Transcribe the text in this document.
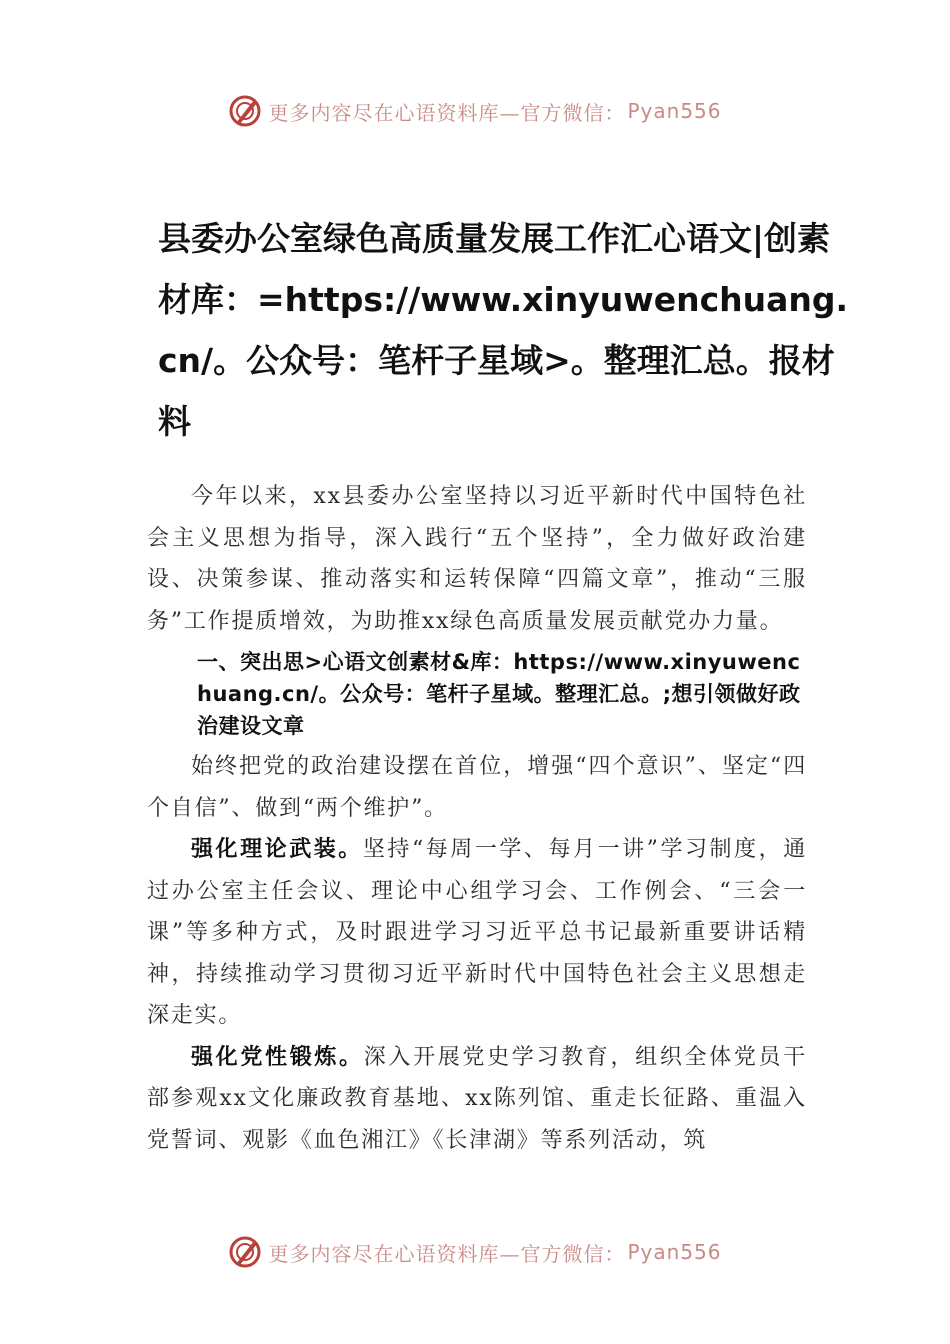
更多内容尽在心语资料库—官方微信： Pyan556
县委办公室绿色高质量发展工作汇心语文|创素材库：=https://www.xinyuwenchuang.cn/。公众号：笔杆子星域>。整理汇总。报材料

今年以来，xx县委办公室坚持以习近平新时代中国特色社会主义思想为指导，深入践行“五个坚持”，全力做好政治建设、决策参谋、推动落实和运转保障“四篇文章”，推动“三服务”工作提质增效，为助推xx绿色高质量发展贡献党办力量。

一、突出思>心语文创素材&库：https://www.xinyuwenchuang.cn/。公众号：笔杆子星域。整理汇总。;想引领做好政治建设文章

始终把党的政治建设摆在首位，增强“四个意识”、坚定“四个自信”、做到“两个维护”。

强化理论武装。坚持“每周一学、每月一讲”学习制度，通过办公室主任会议、理论中心组学习会、工作例会、“三会一课”等多种方式，及时跟进学习习近平总书记最新重要讲话精神，持续推动学习贯彻习近平新时代中国特色社会主义思想走深走实。

强化党性锻炼。深入开展党史学习教育，组织全体党员干部参观xx文化廉政教育基地、xx陈列馆、重走长征路、重温入党誓词、观影《血色湘江》《长津湖》等系列活动，筑

更多内容尽在心语资料库—官方微信： Pyan556
